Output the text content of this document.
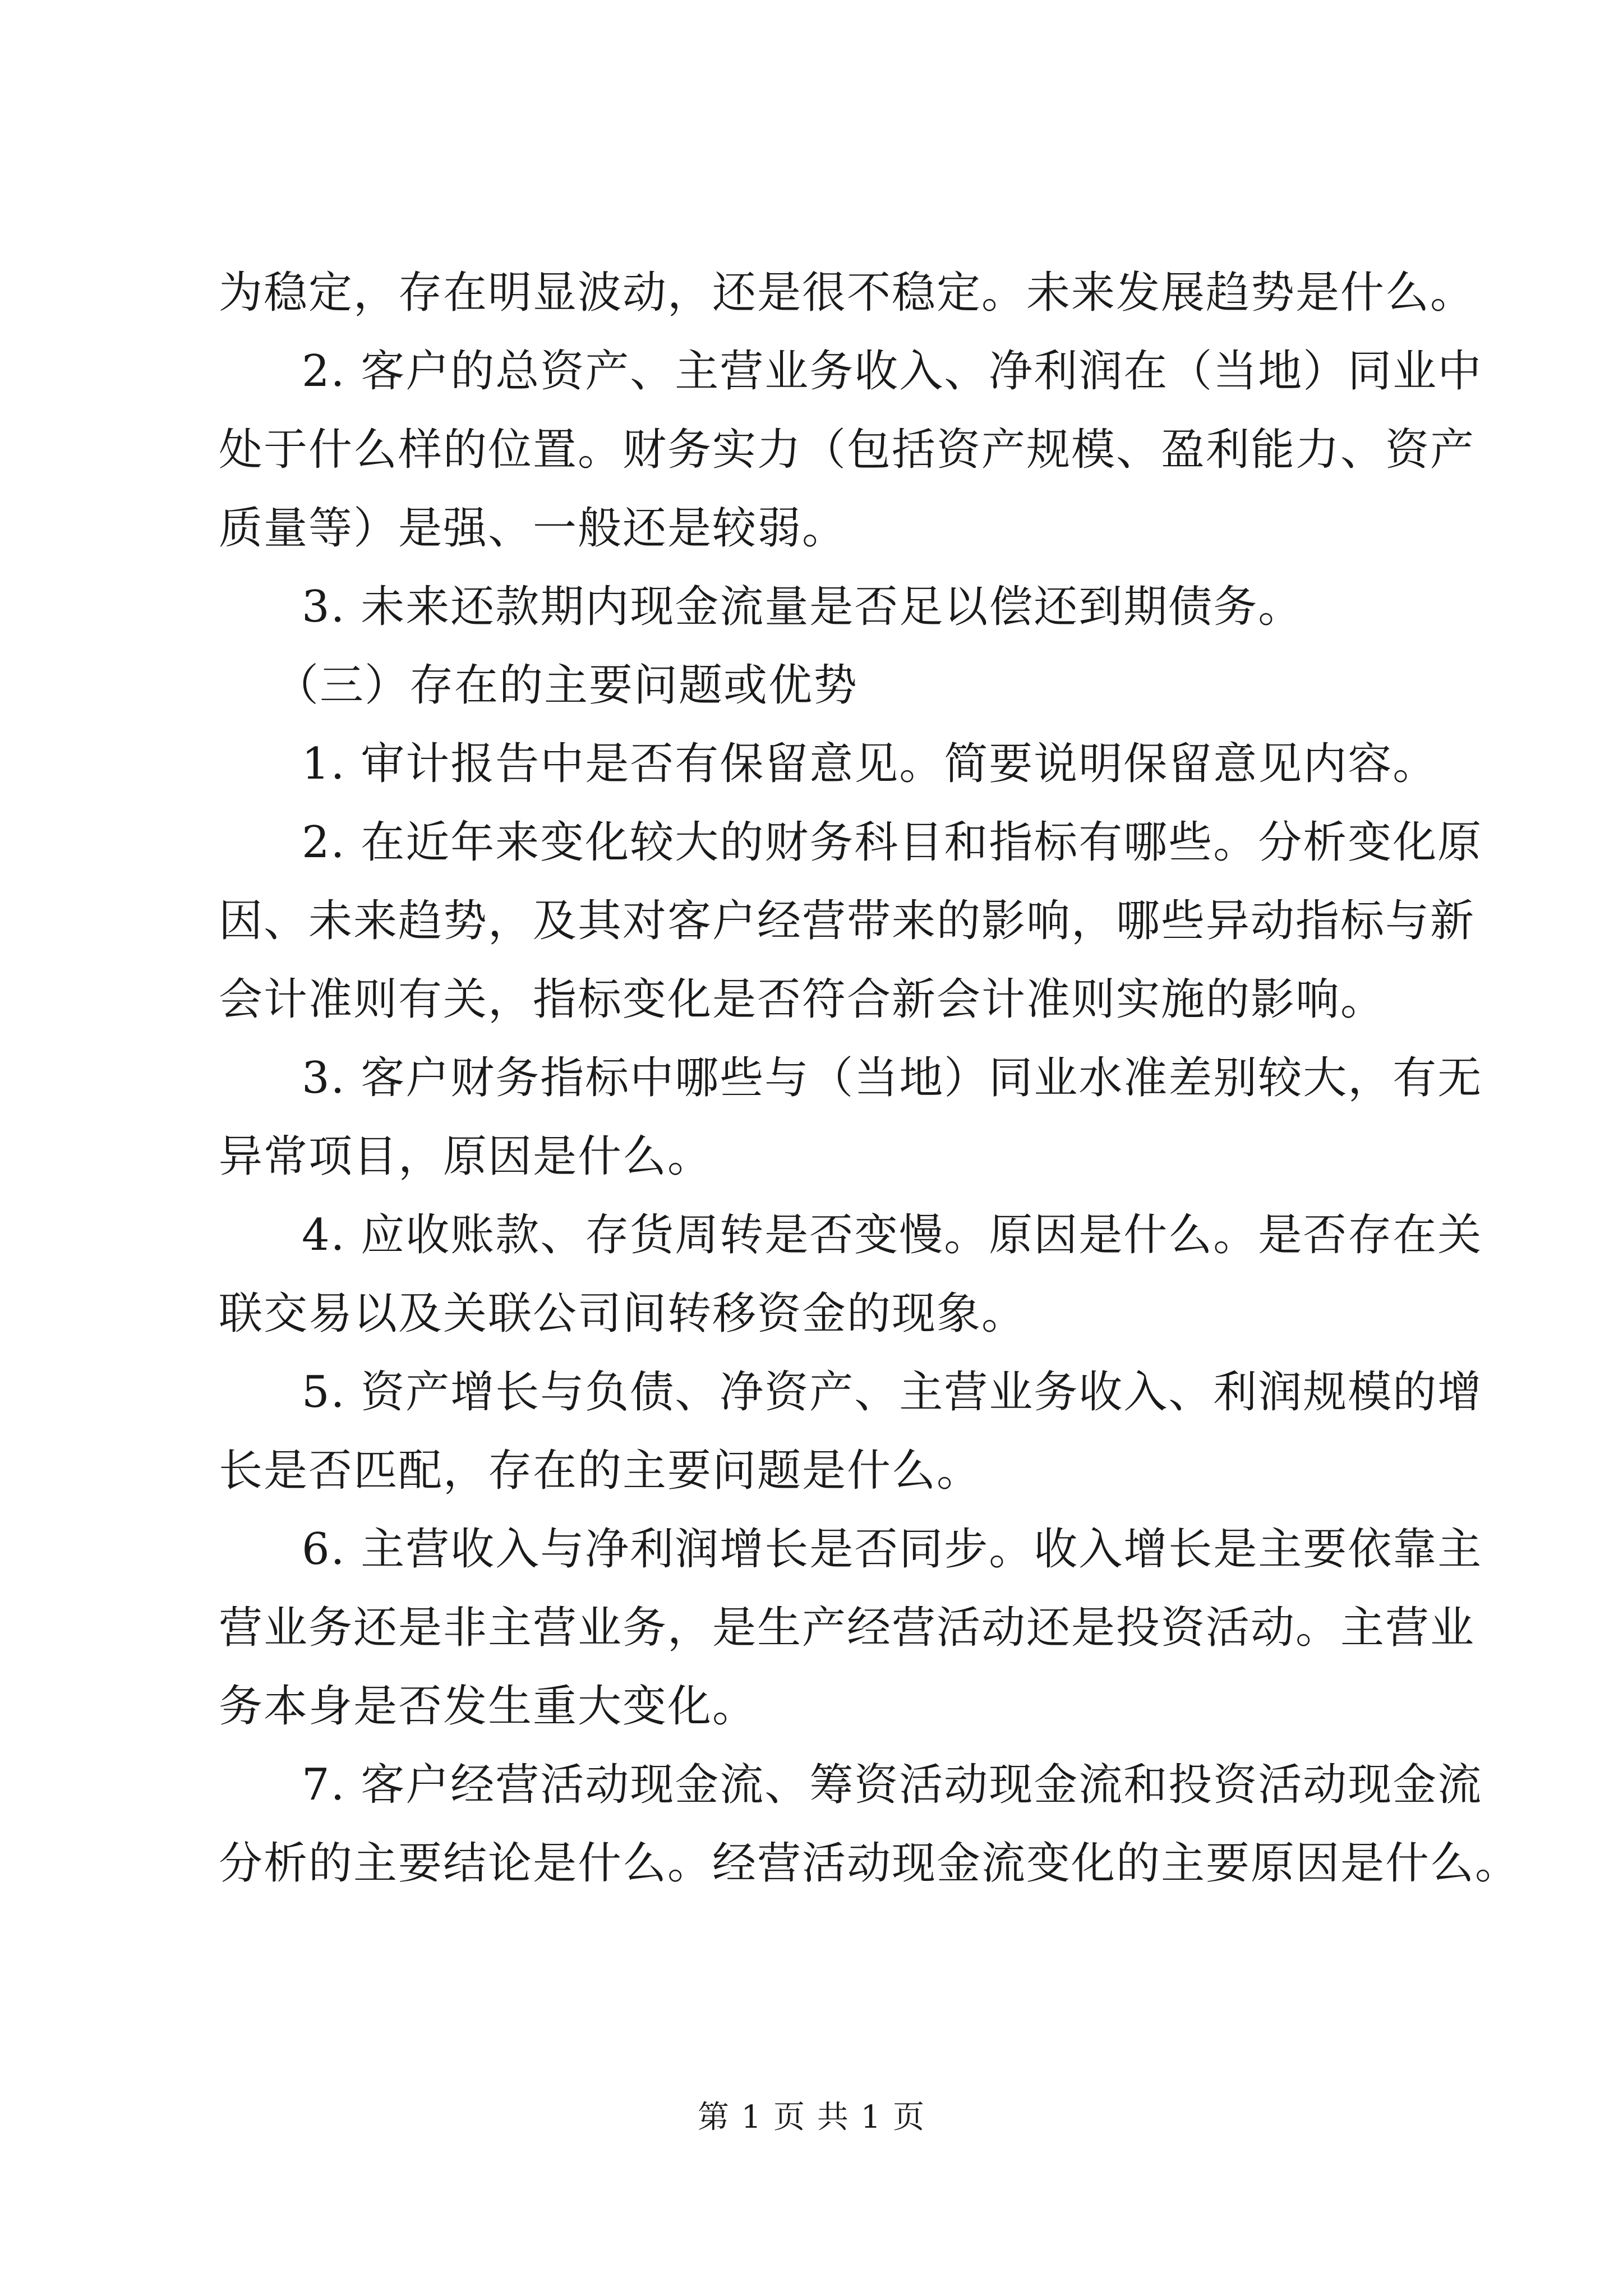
为稳定，存在明显波动，还是很不稳定。未来发展趋势是什么。

2. 客户的总资产、主营业务收入、净利润在（当地）同业中

处于什么样的位置。财务实力（包括资产规模、盈利能力、资产

质量等）是强、一般还是较弱。

3. 未来还款期内现金流量是否足以偿还到期债务。

（三）存在的主要问题或优势

1. 审计报告中是否有保留意见。简要说明保留意见内容。

2. 在近年来变化较大的财务科目和指标有哪些。分析变化原

因、未来趋势，及其对客户经营带来的影响，哪些异动指标与新

会计准则有关，指标变化是否符合新会计准则实施的影响。

3. 客户财务指标中哪些与（当地）同业水准差别较大，有无

异常项目，原因是什么。

4. 应收账款、存货周转是否变慢。原因是什么。是否存在关

联交易以及关联公司间转移资金的现象。

5. 资产增长与负债、净资产、主营业务收入、利润规模的增

长是否匹配，存在的主要问题是什么。

6. 主营收入与净利润增长是否同步。收入增长是主要依靠主

营业务还是非主营业务，是生产经营活动还是投资活动。主营业

务本身是否发生重大变化。

7. 客户经营活动现金流、筹资活动现金流和投资活动现金流

分析的主要结论是什么。经营活动现金流变化的主要原因是什么。

第 1 页 共 1 页
